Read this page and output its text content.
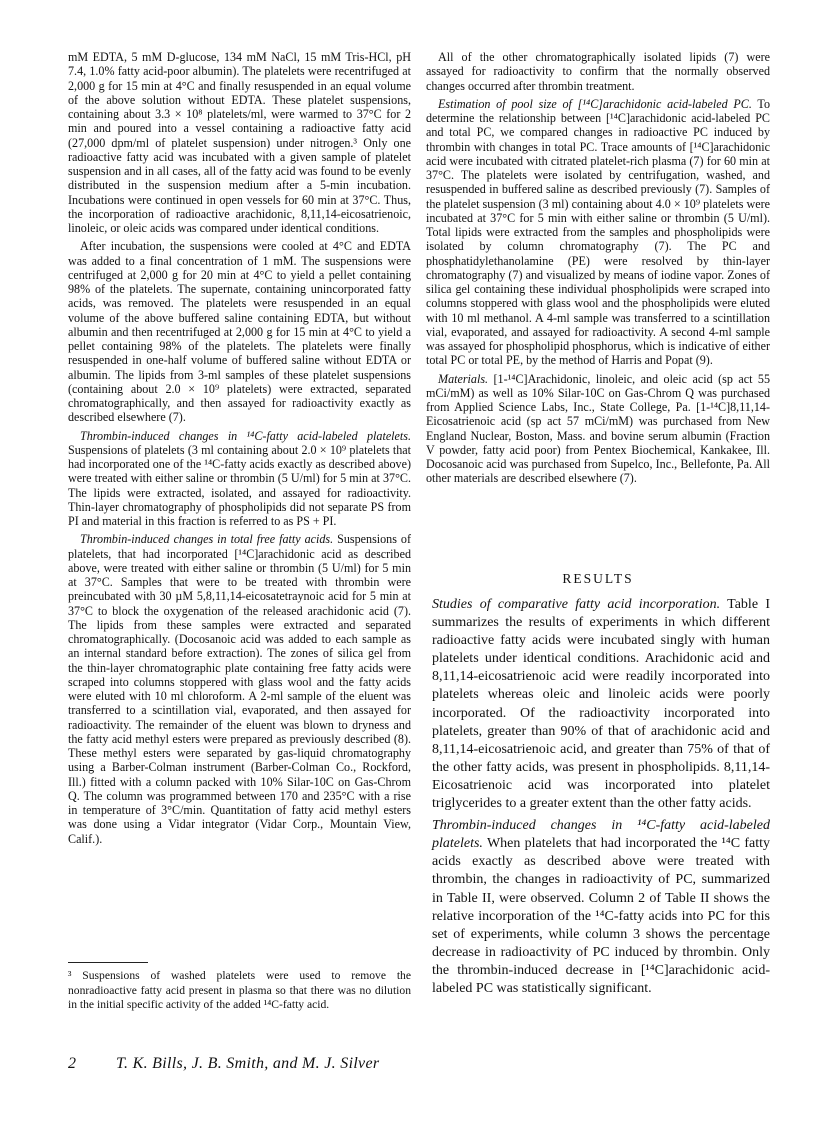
mM EDTA, 5 mM D-glucose, 134 mM NaCl, 15 mM Tris-HCl, pH 7.4, 1.0% fatty acid-poor albumin). The platelets were recentrifuged at 2,000 g for 15 min at 4°C and finally resuspended in an equal volume of the above solution without EDTA. These platelet suspensions, containing about 3.3 × 10⁸ platelets/ml, were warmed to 37°C for 2 min and poured into a vessel containing a radioactive fatty acid (27,000 dpm/ml of platelet suspension) under nitrogen.³ Only one radioactive fatty acid was incubated with a given sample of platelet suspension and in all cases, all of the fatty acid was found to be evenly distributed in the suspension medium after a 5-min incubation. Incubations were continued in open vessels for 60 min at 37°C. Thus, the incorporation of radioactive arachidonic, 8,11,14-eicosatrienoic, linoleic, or oleic acids was compared under identical conditions.

After incubation, the suspensions were cooled at 4°C and EDTA was added to a final concentration of 1 mM. The suspensions were centrifuged at 2,000 g for 20 min at 4°C to yield a pellet containing 98% of the platelets. The supernate, containing unincorporated fatty acids, was removed. The platelets were resuspended in an equal volume of the above buffered saline containing EDTA, but without albumin and then recentrifuged at 2,000 g for 15 min at 4°C to yield a pellet containing 98% of the platelets. The platelets were finally resuspended in one-half volume of buffered saline without EDTA or albumin. The lipids from 3-ml samples of these platelet suspensions (containing about 2.0 × 10⁹ platelets) were extracted, separated chromatographically, and then assayed for radioactivity exactly as described elsewhere (7).

Thrombin-induced changes in ¹⁴C-fatty acid-labeled platelets. Suspensions of platelets (3 ml containing about 2.0 × 10⁹ platelets that had incorporated one of the ¹⁴C-fatty acids exactly as described above) were treated with either saline or thrombin (5 U/ml) for 5 min at 37°C. The lipids were extracted, isolated, and assayed for radioactivity. Thin-layer chromatography of phospholipids did not separate PS from PI and material in this fraction is referred to as PS + PI.

Thrombin-induced changes in total free fatty acids. Suspensions of platelets, that had incorporated [¹⁴C]arachidonic acid as described above, were treated with either saline or thrombin (5 U/ml) for 5 min at 37°C. Samples that were to be treated with thrombin were preincubated with 30 µM 5,8,11,14-eicosatetraynoic acid for 5 min at 37°C to block the oxygenation of the released arachidonic acid (7). The lipids from these samples were extracted and separated chromatographically. (Docosanoic acid was added to each sample as an internal standard before extraction). The zones of silica gel from the thin-layer chromatographic plate containing free fatty acids were scraped into columns stoppered with glass wool and the fatty acids were eluted with 10 ml chloroform. A 2-ml sample of the eluent was transferred to a scintillation vial, evaporated, and then assayed for radioactivity. The remainder of the eluent was blown to dryness and the fatty acid methyl esters were prepared as previously described (8). These methyl esters were separated by gas-liquid chromatography using a Barber-Colman instrument (Barber-Colman Co., Rockford, Ill.) fitted with a column packed with 10% Silar-10C on Gas-Chrom Q. The column was programmed between 170 and 235°C with a rise in temperature of 3°C/min. Quantitation of fatty acid methyl esters was done using a Vidar integrator (Vidar Corp., Mountain View, Calif.).

³ Suspensions of washed platelets were used to remove the nonradioactive fatty acid present in plasma so that there was no dilution in the initial specific activity of the added ¹⁴C-fatty acid.

All of the other chromatographically isolated lipids (7) were assayed for radioactivity to confirm that the normally observed changes occurred after thrombin treatment.

Estimation of pool size of [¹⁴C]arachidonic acid-labeled PC. To determine the relationship between [¹⁴C]arachidonic acid-labeled PC and total PC, we compared changes in radioactive PC induced by thrombin with changes in total PC. Trace amounts of [¹⁴C]arachidonic acid were incubated with citrated platelet-rich plasma (7) for 60 min at 37°C. The platelets were isolated by centrifugation, washed, and resuspended in buffered saline as described previously (7). Samples of the platelet suspension (3 ml) containing about 4.0 × 10⁹ platelets were incubated at 37°C for 5 min with either saline or thrombin (5 U/ml). Total lipids were extracted from the samples and phospholipids were isolated by column chromatography (7). The PC and phosphatidylethanolamine (PE) were resolved by thin-layer chromatography (7) and visualized by means of iodine vapor. Zones of silica gel containing these individual phospholipids were scraped into columns stoppered with glass wool and the phospholipids were eluted with 10 ml methanol. A 4-ml sample was transferred to a scintillation vial, evaporated, and assayed for radioactivity. A second 4-ml sample was assayed for phospholipid phosphorus, which is indicative of either total PC or total PE, by the method of Harris and Popat (9).

Materials. [1-¹⁴C]Arachidonic, linoleic, and oleic acid (sp act 55 mCi/mM) as well as 10% Silar-10C on Gas-Chrom Q was purchased from Applied Science Labs, Inc., State College, Pa. [1-¹⁴C]8,11,14-Eicosatrienoic acid (sp act 57 mCi/mM) was purchased from New England Nuclear, Boston, Mass. and bovine serum albumin (Fraction V powder, fatty acid poor) from Pentex Biochemical, Kankakee, Ill. Docosanoic acid was purchased from Supelco, Inc., Bellefonte, Pa. All other materials are described elsewhere (7).

RESULTS

Studies of comparative fatty acid incorporation. Table I summarizes the results of experiments in which different radioactive fatty acids were incubated singly with human platelets under identical conditions. Arachidonic acid and 8,11,14-eicosatrienoic acid were readily incorporated into platelets whereas oleic and linoleic acids were poorly incorporated. Of the radioactivity incorporated into platelets, greater than 90% of that of arachidonic acid and 8,11,14-eicosatrienoic acid, and greater than 75% of that of the other fatty acids, was present in phospholipids. 8,11,14-Eicosatrienoic acid was incorporated into platelet triglycerides to a greater extent than the other fatty acids.

Thrombin-induced changes in ¹⁴C-fatty acid-labeled platelets. When platelets that had incorporated the ¹⁴C fatty acids exactly as described above were treated with thrombin, the changes in radioactivity of PC, summarized in Table II, were observed. Column 2 of Table II shows the relative incorporation of the ¹⁴C-fatty acids into PC for this set of experiments, while column 3 shows the percentage decrease in radioactivity of PC induced by thrombin. Only the thrombin-induced decrease in [¹⁴C]arachidonic acid-labeled PC was statistically significant.

2	T. K. Bills, J. B. Smith, and M. J. Silver
